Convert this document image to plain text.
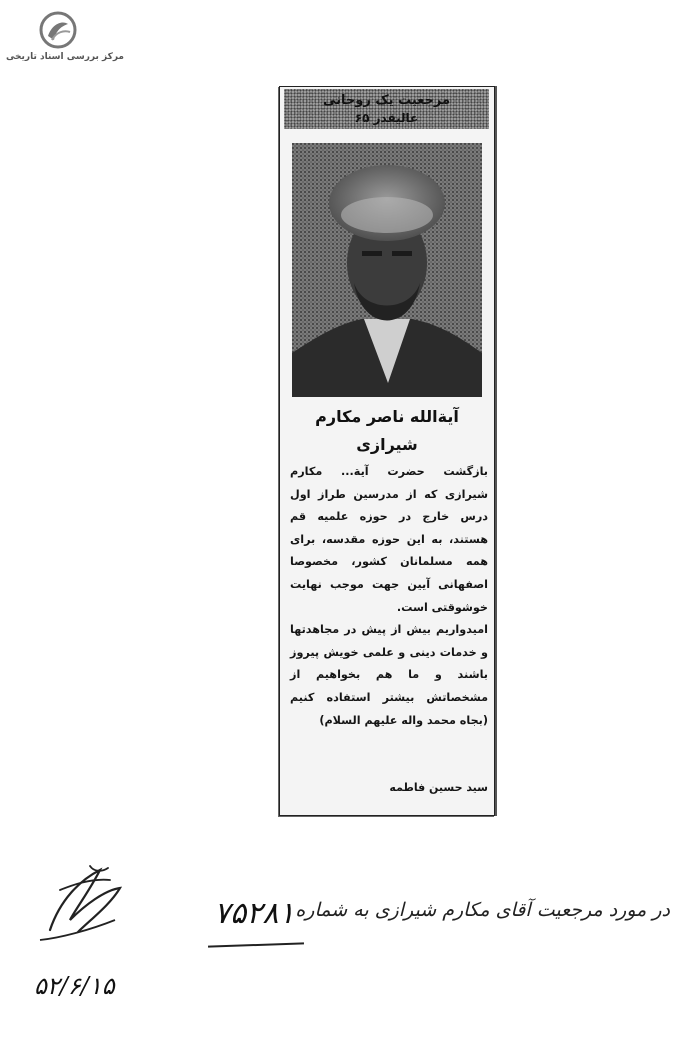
مرکز بررسی اسناد تاریخی
مرجعیت یک روحانی
عالیقدر ۶۵
آیةالله ناصر مکارم شیرازی

بازگشت حضرت آیة... مکارم شیرازی که از مدرسین طراز اول درس خارج در حوزه علمیه قم هستند، به این حوزه مقدسه، برای همه مسلمانان کشور، مخصوصا اصفهانی آیین جهت موجب نهایت خوشوقتی است.

امیدواریم بیش از پیش در مجاهدتها و خدمات دینی و علمی خویش پیروز باشند و ما هم بخواهیم از مشخصاتش بیشتر استفاده کنیم (بجاه محمد واله علیهم السلام)

سید حسین فاطمه
در مورد مرجعیت آقای مکارم شیرازی به شماره
۷۵۲۸۱
۵۲/۶/۱۵
